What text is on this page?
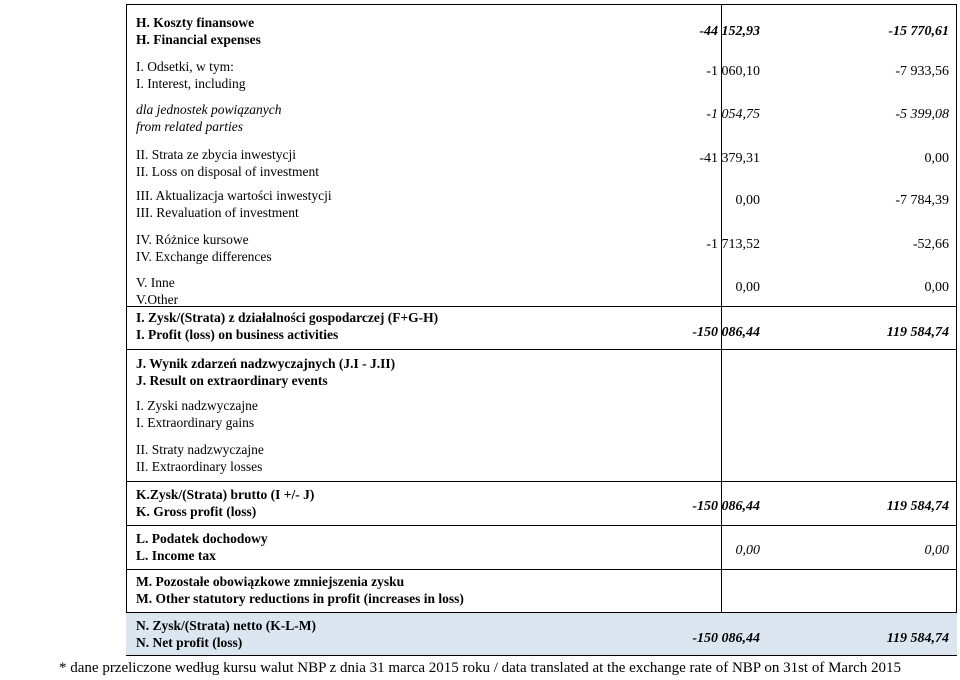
H. Koszty finansowe
H. Financial expenses
-44 152,93	-15 770,61
I. Odsetki, w tym:
I. Interest, including
-1 060,10	-7 933,56
dla jednostek powiązanych
from related parties
-1 054,75	-5 399,08
II. Strata ze zbycia inwestycji
II. Loss on disposal of investment
-41 379,31	0,00
III. Aktualizacja wartości inwestycji
III. Revaluation of investment
0,00	-7 784,39
IV. Różnice kursowe
IV. Exchange differences
-1 713,52	-52,66
V. Inne
V.Other
0,00	0,00
I. Zysk/(Strata) z działalności gospodarczej (F+G-H)
I. Profit (loss) on business activities	-150 086,44	119 584,74
J. Wynik zdarzeń nadzwyczajnych (J.I - J.II)
J. Result on extraordinary events
I. Zyski nadzwyczajne
I. Extraordinary gains
II. Straty nadzwyczajne
II. Extraordinary losses
K.Zysk/(Strata) brutto (I +/- J)
K. Gross profit (loss)	-150 086,44	119 584,74
L. Podatek dochodowy
L. Income tax	0,00	0,00
M. Pozostałe obowiązkowe zmniejszenia zysku
M. Other statutory reductions in profit (increases in loss)
N. Zysk/(Strata) netto (K-L-M)
N. Net profit (loss)	-150 086,44	119 584,74
* dane przeliczone według kursu walut NBP z dnia 31 marca 2015 roku / data translated at the exchange rate of NBP on 31st of March 2015
